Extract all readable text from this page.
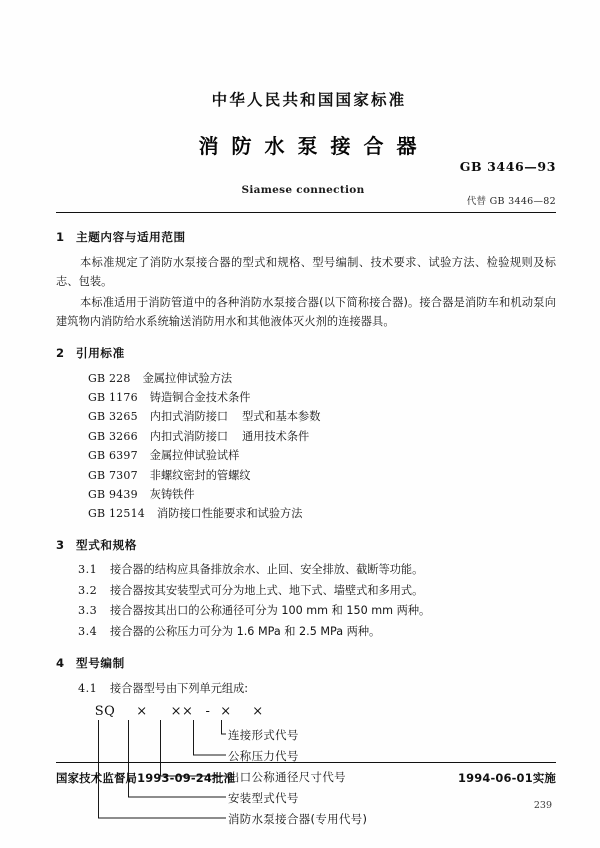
中华人民共和国国家标准
消防水泵接合器
GB 3446—93
代替 GB 3446—82
Siamese connection
1 主题内容与适用范围

本标准规定了消防水泵接合器的型式和规格、型号编制、技术要求、试验方法、检验规则及标志、包装。

本标准适用于消防管道中的各种消防水泵接合器(以下简称接合器)。接合器是消防车和机动泵向建筑物内消防给水系统输送消防用水和其他液体灭火剂的连接器具。

2 引用标准
GB 228 金属拉伸试验方法
GB 1176 铸造铜合金技术条件
GB 3265 内扣式消防接口 型式和基本参数
GB 3266 内扣式消防接口 通用技术条件
GB 6397 金属拉伸试验试样
GB 7307 非螺纹密封的管螺纹
GB 9439 灰铸铁件
GB 12514 消防接口性能要求和试验方法
3 型式和规格
3.1 接合器的结构应具备排放余水、止回、安全排放、截断等功能。
3.2 接合器按其安装型式可分为地上式、地下式、墙壁式和多用式。
3.3 接合器按其出口的公称通径可分为 100 mm 和 150 mm 两种。
3.4 接合器的公称压力可分为 1.6 MPa 和 2.5 MPa 两种。
4 型号编制
4.1 接合器型号由下列单元组成:
SQ × ×× - × ×
连接形式代号
公称压力代号
出口公称通径尺寸代号
安装型式代号
消防水泵接合器(专用代号)
国家技术监督局1993-09-24批准	1994-06-01实施
239
